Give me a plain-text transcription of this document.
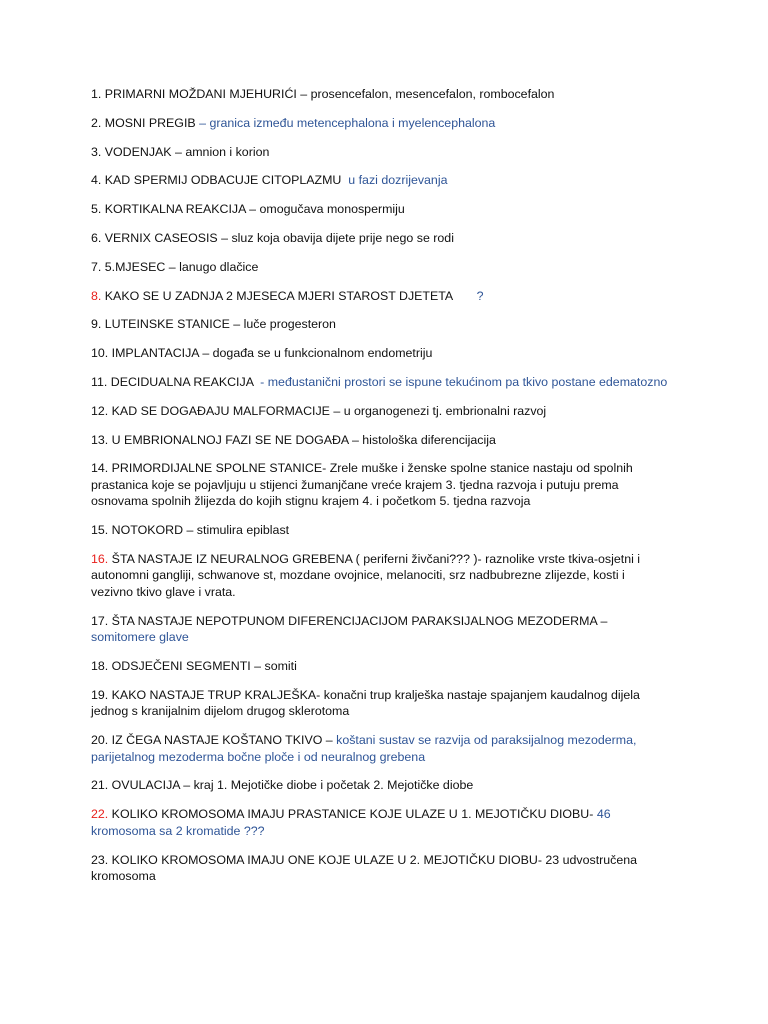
1. PRIMARNI MOŽDANI MJEHURIĆI – prosencefalon, mesencefalon, rombocefalon
2. MOSNI PREGIB – granica između metencephalona i myelencephalona
3. VODENJAK – amnion i korion
4. KAD SPERMIJ ODBACUJE CITOPLAZMU  u fazi dozrijevanja
5. KORTIKALNA REAKCIJA – omogučava monospermiju
6. VERNIX CASEOSIS – sluz koja obavija dijete prije nego se rodi
7. 5.MJESEC – lanugo dlačice
8. KAKO SE U ZADNJA 2 MJESECA MJERI STAROST DJETETA       ?
9. LUTEINSKE STANICE – luče progesteron
10. IMPLANTACIJA – događa se u funkcionalnom endometriju
11. DECIDUALNA REAKCIJA  - međustanični prostori se ispune tekućinom pa tkivo postane edematozno
12. KAD SE DOGAĐAJU MALFORMACIJE – u organogenezi tj. embrionalni razvoj
13. U EMBRIONALNOJ FAZI SE NE DOGAĐA – histološka diferencijacija
14. PRIMORDIJALNE SPOLNE STANICE- Zrele muške i ženske spolne stanice nastaju od spolnih prastanica koje se pojavljuju u stijenci žumanjčane vreće krajem 3. tjedna razvoja i putuju prema osnovama spolnih žlijezda do kojih stignu krajem 4. i početkom 5. tjedna razvoja
15. NOTOKORD – stimulira epiblast
16. ŠTA NASTAJE IZ NEURALNOG GREBENA ( periferni živčani??? )- raznolike vrste tkiva-osjetni i autonomni gangliji, schwanove st, mozdane ovojnice, melanociti, srz nadbubrezne zlijezde, kosti i vezivno tkivo glave i vrata.
17. ŠTA NASTAJE NEPOTPUNOM DIFERENCIJACIJOM PARAKSIJALNOG MEZODERMA – somitomere glave
18. ODSJEČENI SEGMENTI – somiti
19. KAKO NASTAJE TRUP KRALJEŠKA- konačni trup kralješka nastaje spajanjem kaudalnog dijela jednog s kranijalnim dijelom drugog sklerotoma
20. IZ ČEGA NASTAJE KOŠTANO TKIVO – koštani sustav se razvija od paraksijalnog mezoderma, parijetalnog mezoderma bočne ploče i od neuralnog grebena
21. OVULACIJA – kraj 1. Mejotičke diobe i početak 2. Mejotičke diobe
22. KOLIKO KROMOSOMA IMAJU PRASTANICE KOJE ULAZE U 1. MEJOTIČKU DIOBU- 46 kromosoma sa 2 kromatide ???
23. KOLIKO KROMOSOMA IMAJU ONE KOJE ULAZE U 2. MEJOTIČKU DIOBU- 23 udvostručena kromosoma
